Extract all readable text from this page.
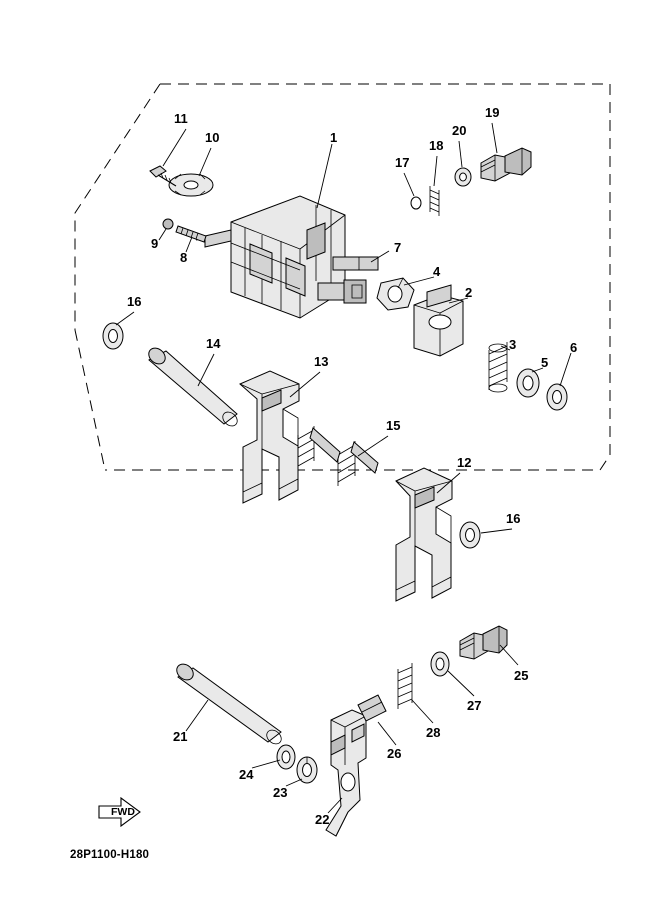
1
2
3
4
5
6
7
8
9
10
11
12
13
14
15
16
16
17
18
19
20
21
22
23
24
25
26
27
28
FWD
28P1100-H180
